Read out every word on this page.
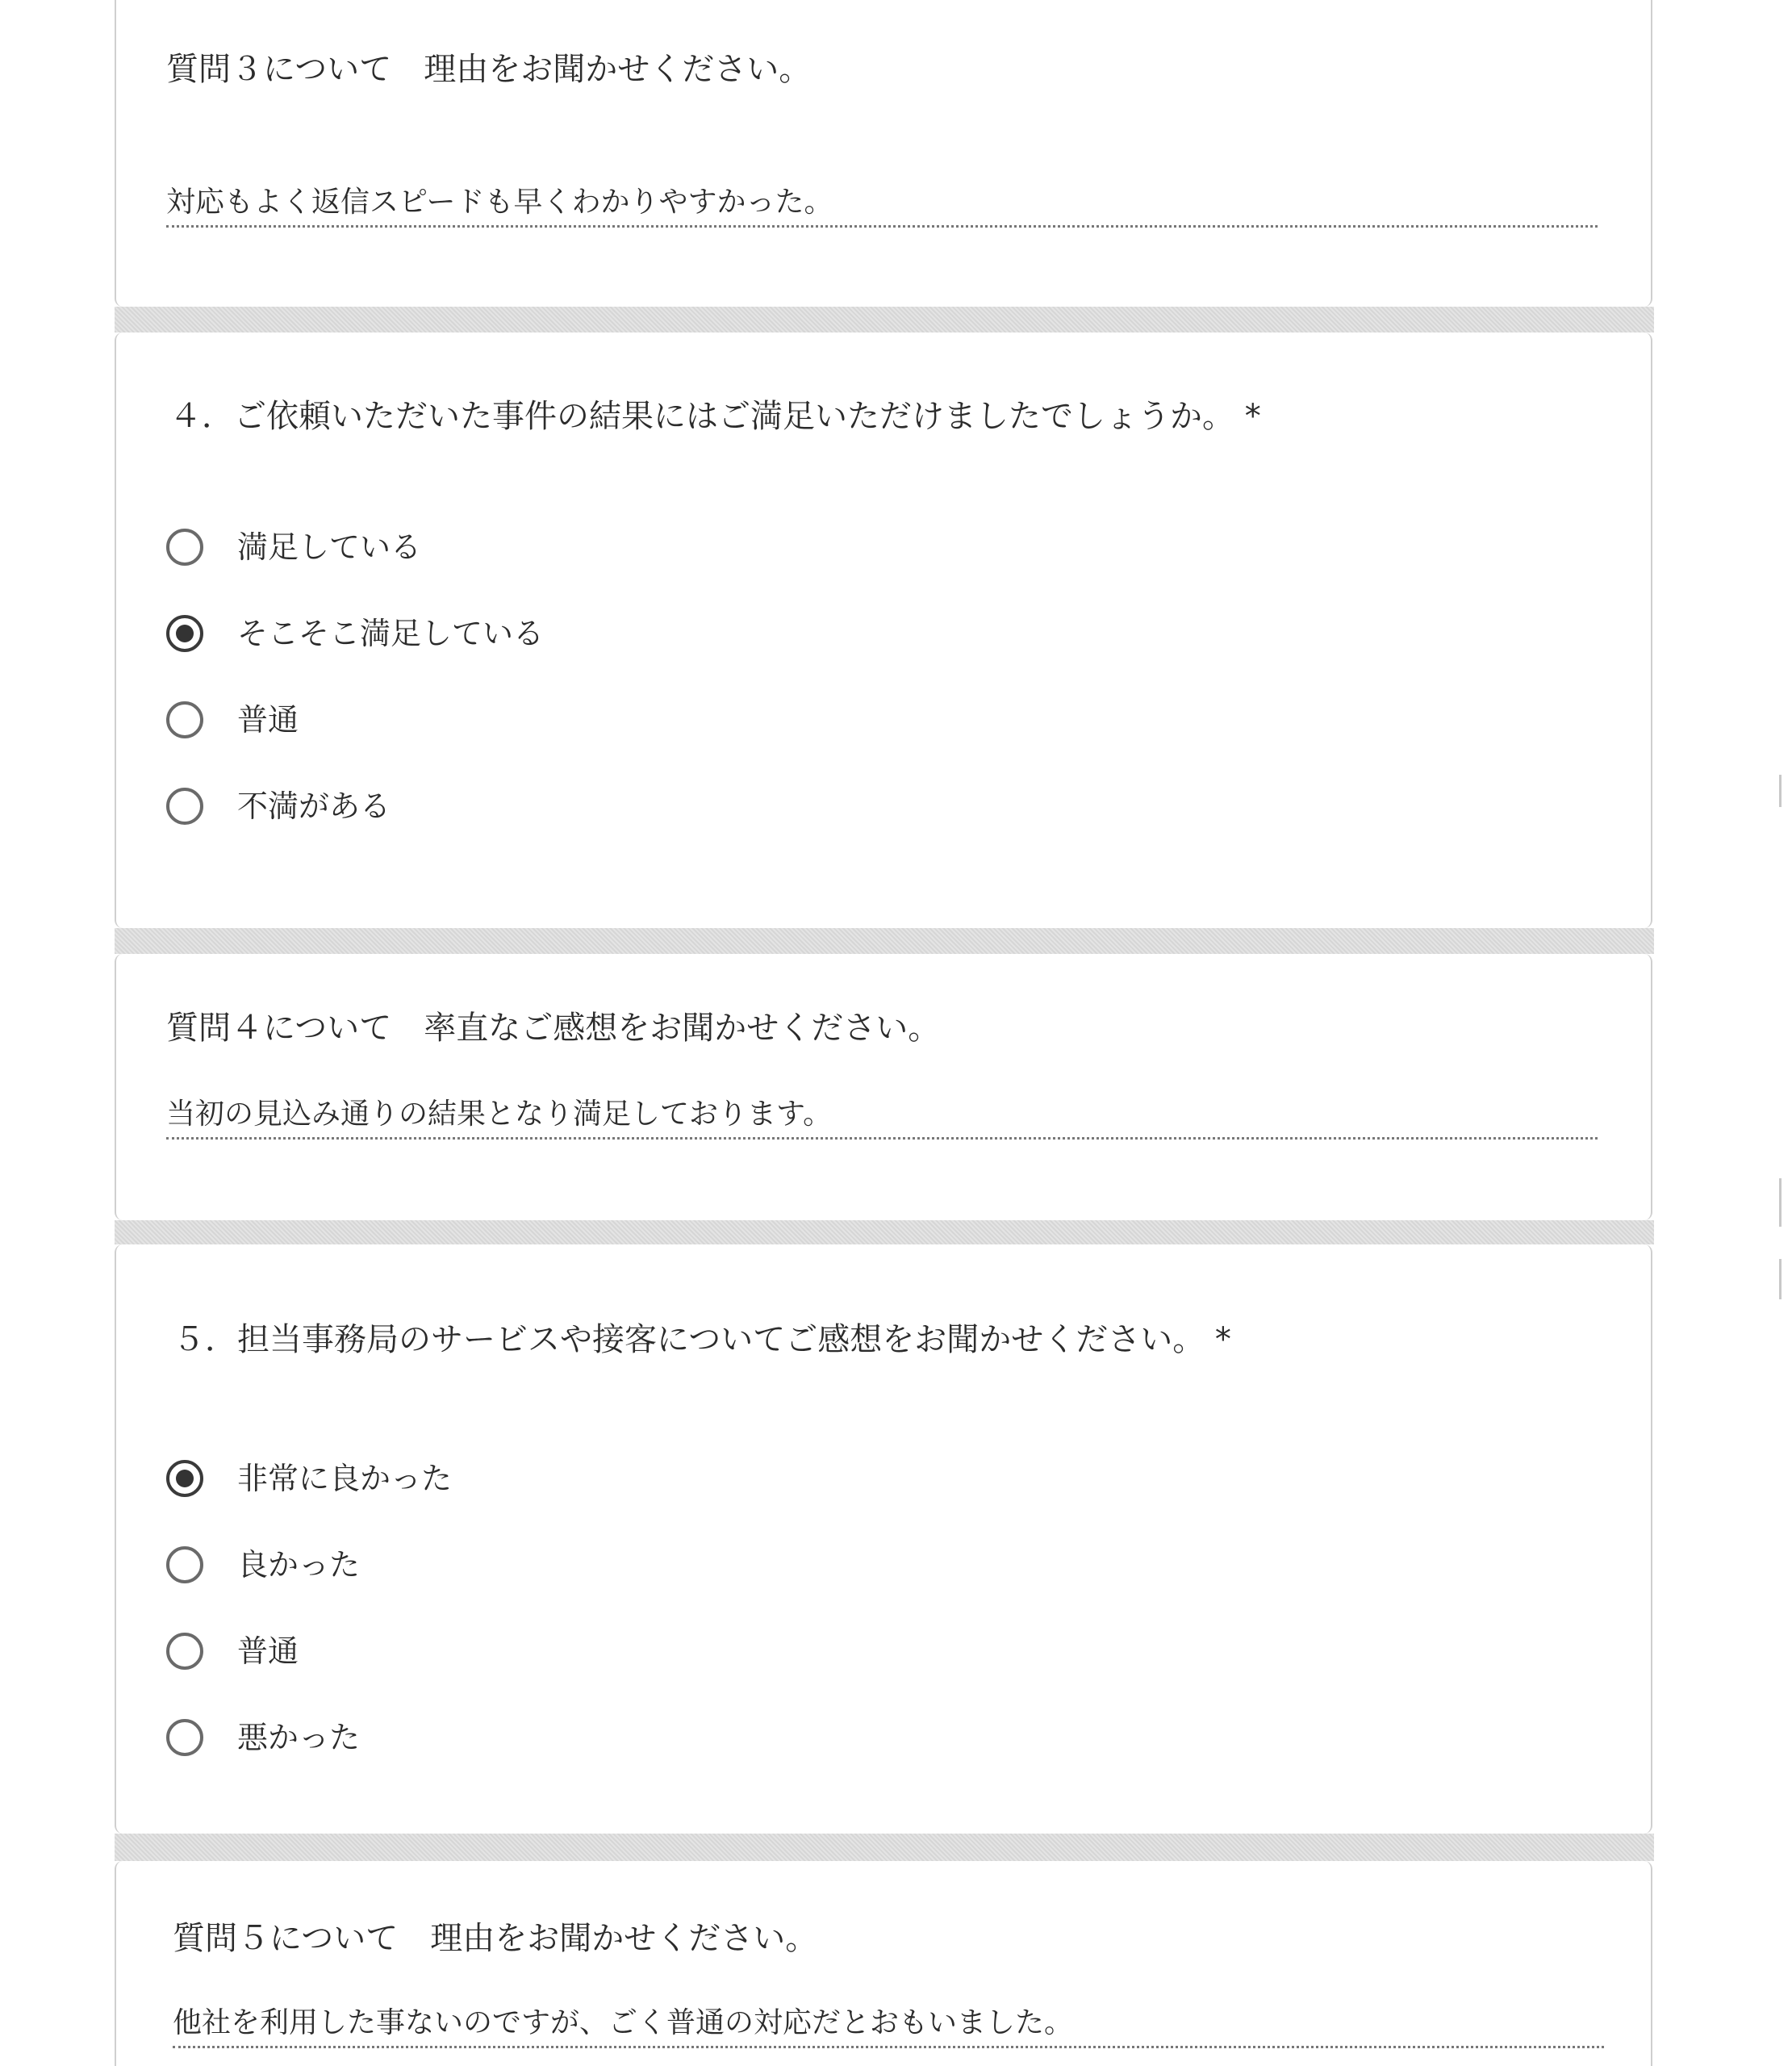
質問３について　理由をお聞かせください。
対応もよく返信スピードも早くわかりやすかった。
４．ご依頼いただいた事件の結果にはご満足いただけましたでしょうか。 *
満足している
そこそこ満足している
普通
不満がある
質問４について　率直なご感想をお聞かせください。
当初の見込み通りの結果となり満足しております。
５．担当事務局のサービスや接客についてご感想をお聞かせください。 *
非常に良かった
良かった
普通
悪かった
質問５について　理由をお聞かせください。
他社を利用した事ないのですが、ごく普通の対応だとおもいました。
